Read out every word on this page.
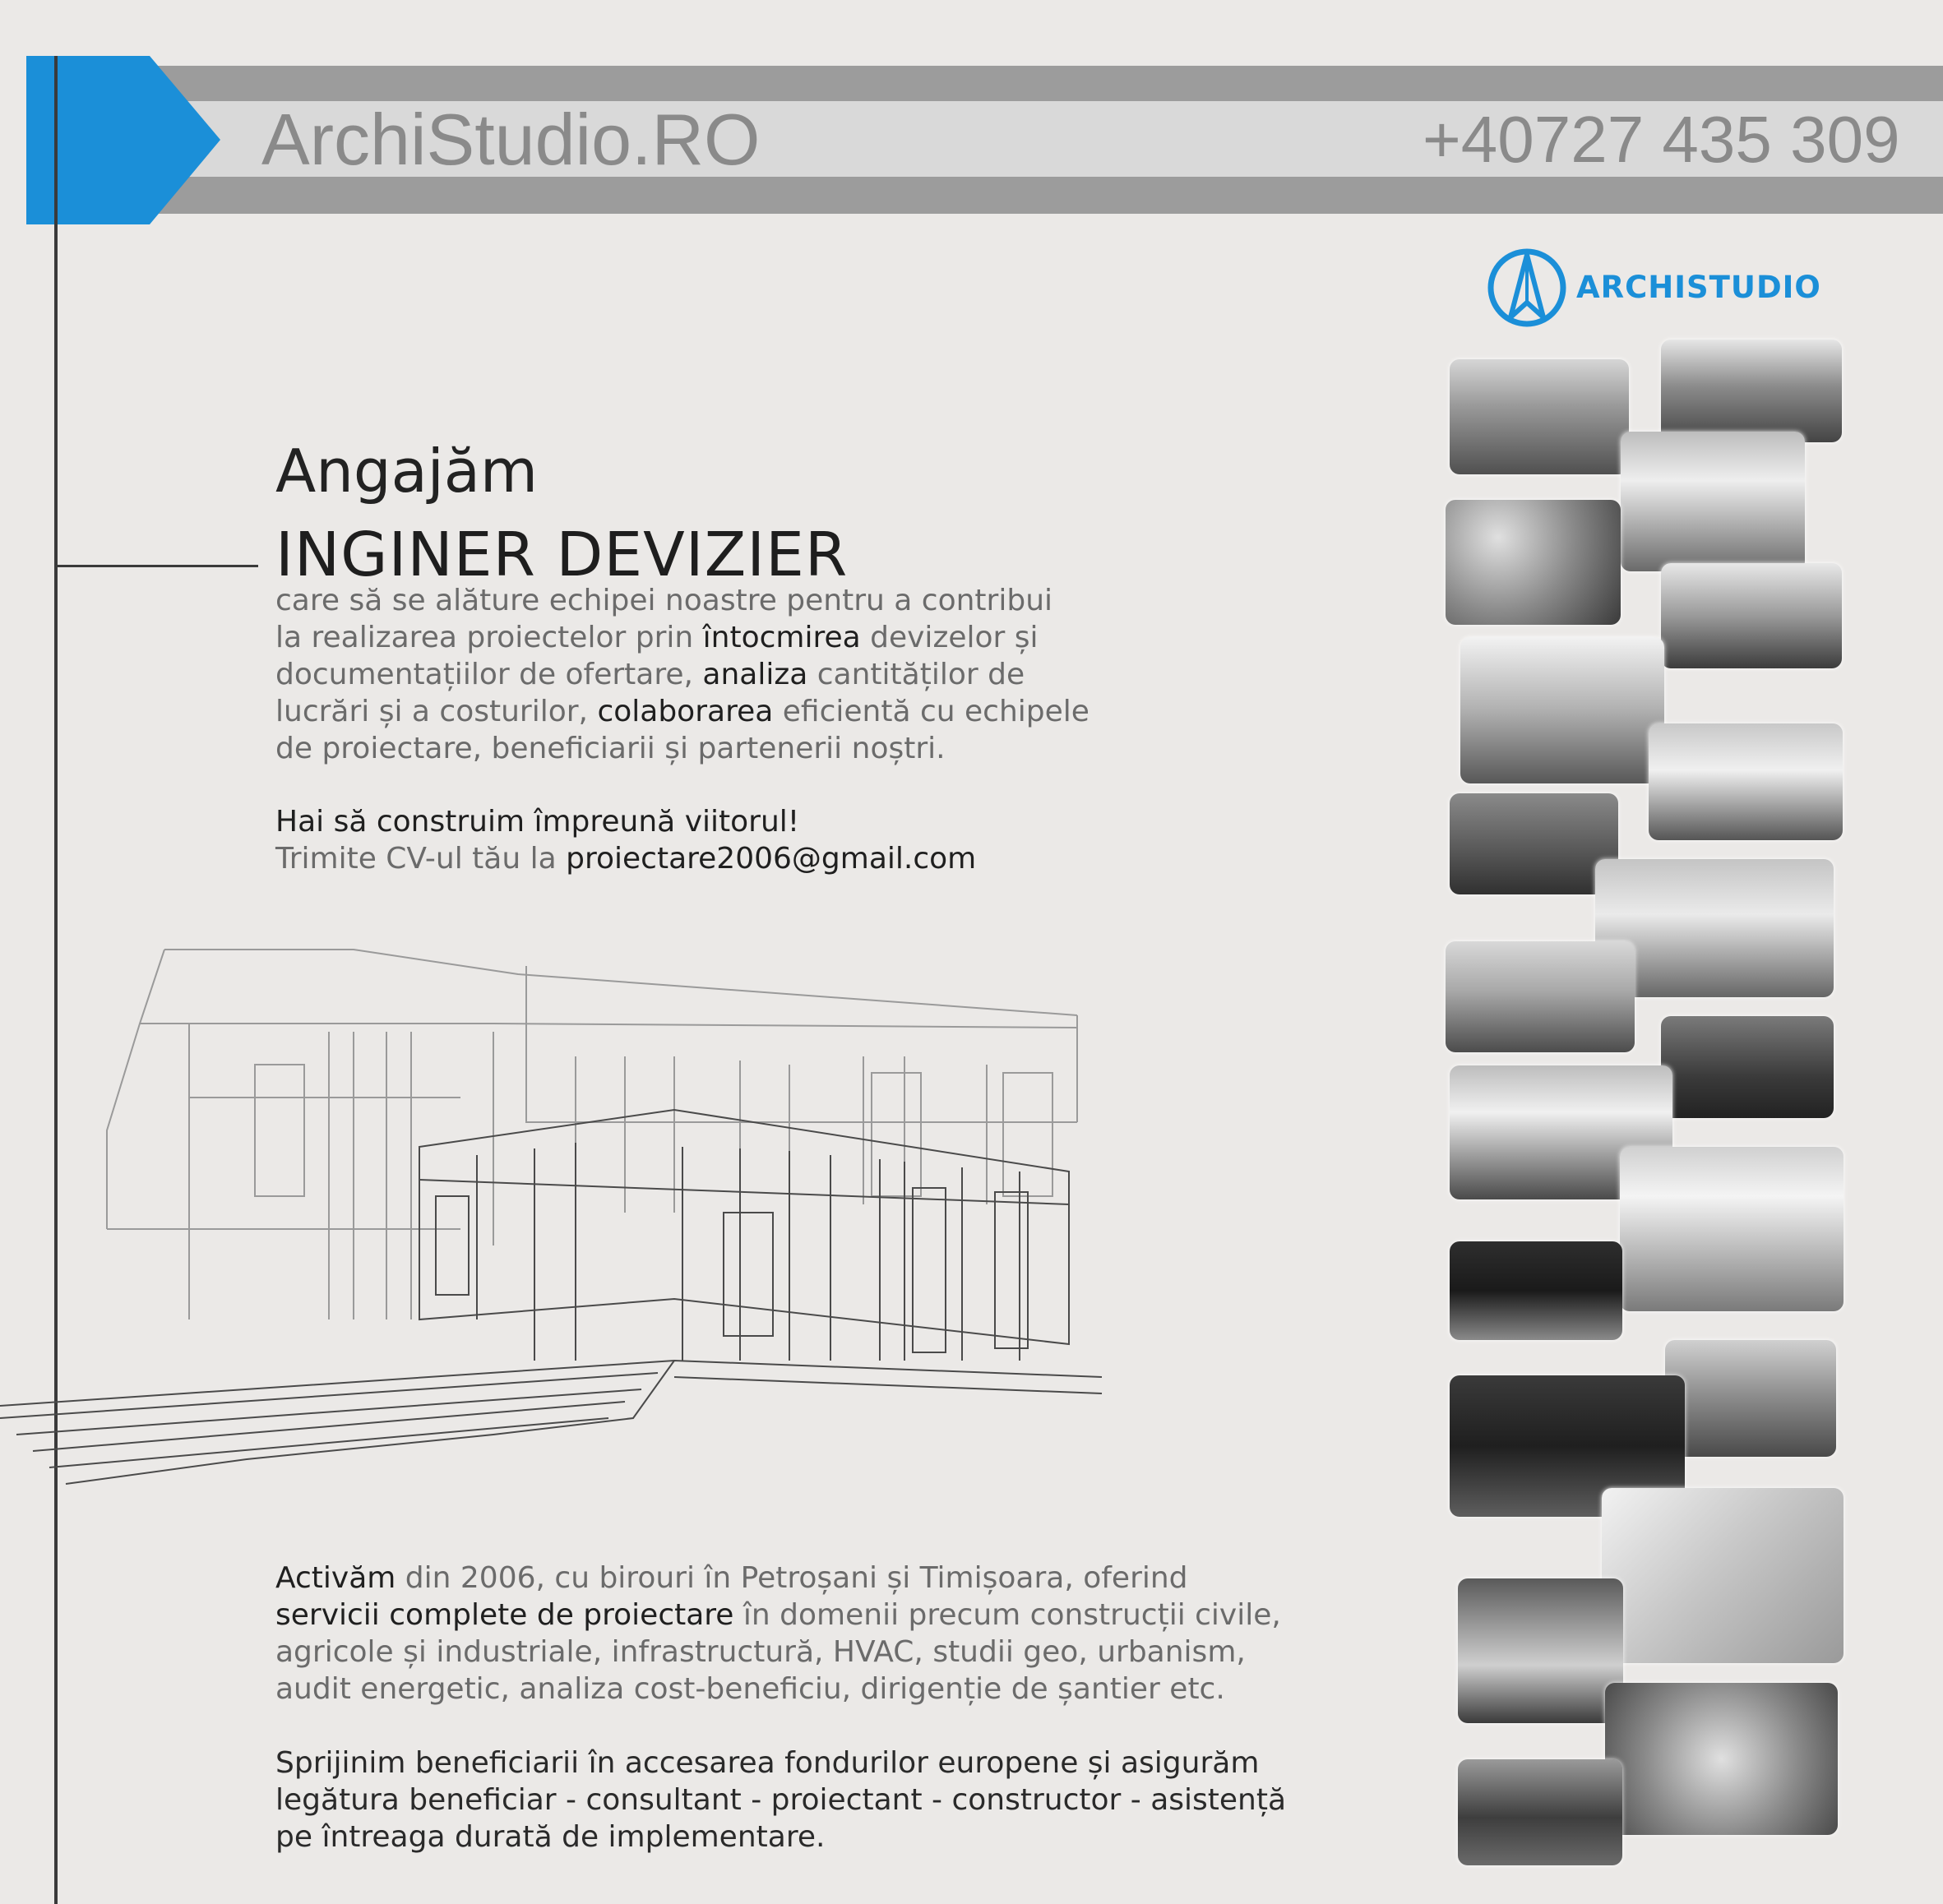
ArchiStudio.RO	+40727 435 309
ARCHISTUDIO
Angajăm
INGINER DEVIZIER
care să se alăture echipei noastre pentru a contribui
la realizarea proiectelor prin întocmirea devizelor și
documentațiilor de ofertare, analiza cantităților de
lucrări și a costurilor, colaborarea eficientă cu echipele
de proiectare, beneficiarii și partenerii noștri.
Hai să construim împreună viitorul!
Trimite CV-ul tău la proiectare2006@gmail.com
Activăm din 2006, cu birouri în Petroșani și Timișoara, oferind
servicii complete de proiectare în domenii precum construcții civile,
agricole și industriale, infrastructură, HVAC, studii geo, urbanism,
audit energetic, analiza cost-beneficiu, dirigenție de șantier etc.
Sprijinim beneficiarii în accesarea fondurilor europene și asigurăm
legătura beneficiar - consultant - proiectant - constructor - asistență
pe întreaga durată de implementare.
